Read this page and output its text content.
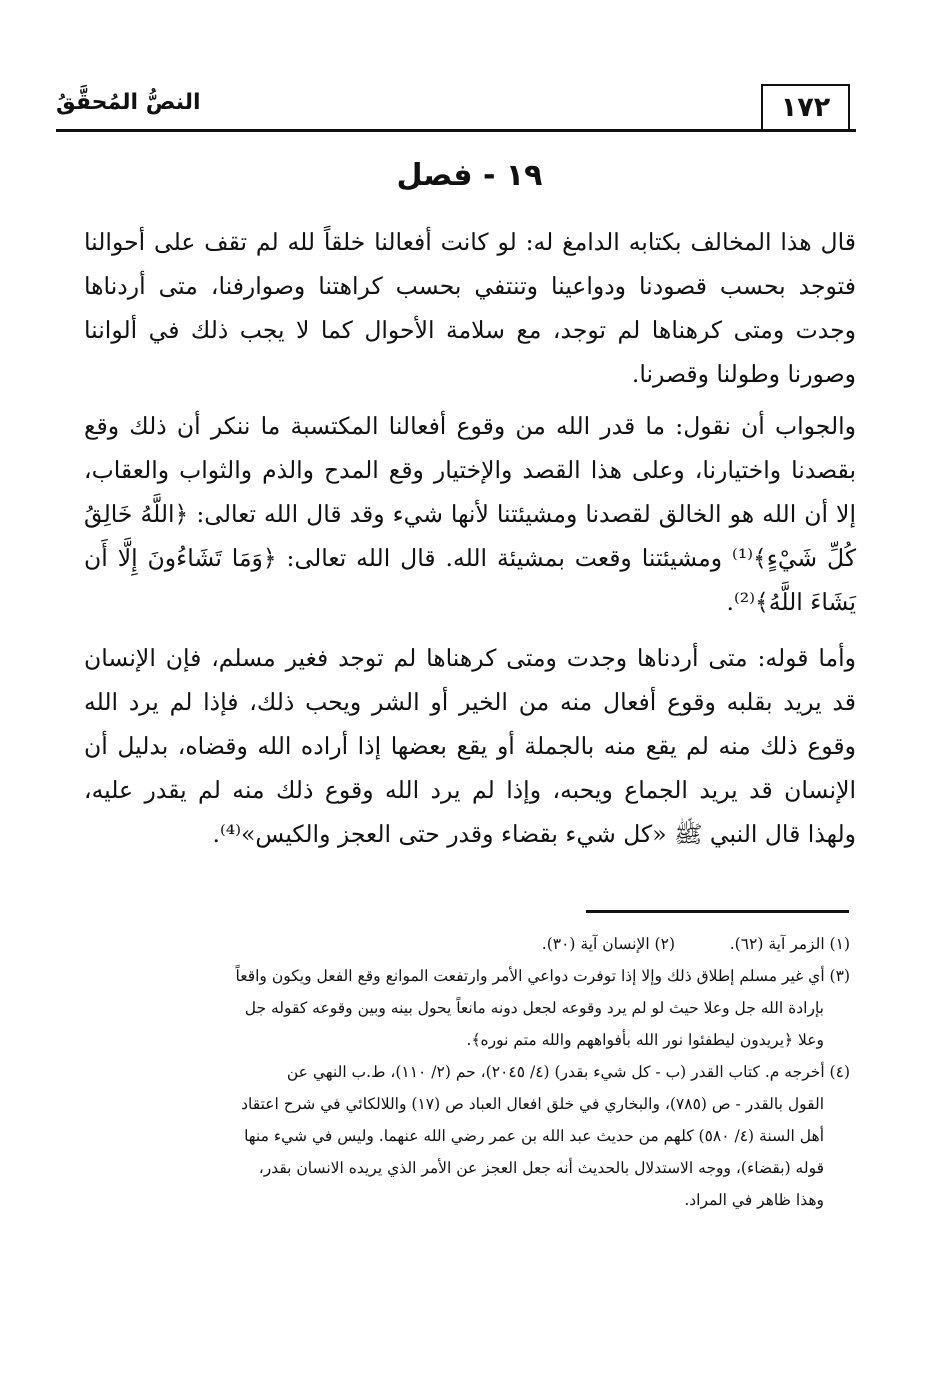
١٧٢
النصُّ المُحقَّقُ
١٩ - فصل
قال هذا المخالف بكتابه الدامغ له: لو كانت أفعالنا خلقاً لله لم تقف على أحوالنا فتوجد بحسب قصودنا ودواعينا وتنتفي بحسب كراهتنا وصوارفنا، متى أردناها وجدت ومتى كرهناها لم توجد، مع سلامة الأحوال كما لا يجب ذلك في ألواننا وصورنا وطولنا وقصرنا.
والجواب أن نقول: ما قدر الله من وقوع أفعالنا المكتسبة ما ننكر أن ذلك وقع بقصدنا واختيارنا، وعلى هذا القصد والإختيار وقع المدح والذم والثواب والعقاب، إلا أن الله هو الخالق لقصدنا ومشيئتنا لأنها شيء وقد قال الله تعالى: ﴿اللَّهُ خَالِقُ كُلِّ شَيْءٍ﴾⁽¹⁾ ومشيئتنا وقعت بمشيئة الله. قال الله تعالى: ﴿وَمَا تَشَاءُونَ إِلَّا أَن يَشَاءَ اللَّهُ﴾⁽²⁾.
وأما قوله: متى أردناها وجدت ومتى كرهناها لم توجد فغير مسلم، فإن الإنسان قد يريد بقلبه وقوع أفعال منه من الخير أو الشر ويحب ذلك، فإذا لم يرد الله وقوع ذلك منه لم يقع منه بالجملة أو يقع بعضها إذا أراده الله وقضاه، بدليل أن الإنسان قد يريد الجماع ويحبه، وإذا لم يرد الله وقوع ذلك منه لم يقدر عليه، ولهذا قال النبي ﷺ «كل شيء بقضاء وقدر حتى العجز والكيس»⁽⁴⁾.
(١) الزمر آية (٦٢).
(٢) الإنسان آية (٣٠).
(٣) أي غير مسلم إطلاق ذلك وإلا إذا توفرت دواعي الأمر وارتفعت الموانع وقع الفعل ويكون واقعاً
بإرادة الله جل وعلا حيث لو لم يرد وقوعه لجعل دونه مانعاً يحول بينه وبين وقوعه كقوله جل
وعلا ﴿يريدون ليطفئوا نور الله بأفواههم والله متم نوره﴾.
(٤) أخرجه م. كتاب القدر (ب - كل شيء بقدر) (٤/ ٢٠٤٥)، حم (٢/ ١١٠)، ط.ب النهي عن
القول بالقدر - ص (٧٨٥)، والبخاري في خلق افعال العباد ص (١٧) واللالكائي في شرح اعتقاد
أهل السنة (٤/ ٥٨٠) كلهم من حديث عبد الله بن عمر رضي الله عنهما. وليس في شيء منها
قوله (بقضاء)، ووجه الاستدلال بالحديث أنه جعل العجز عن الأمر الذي يريده الانسان بقدر،
وهذا ظاهر في المراد.
